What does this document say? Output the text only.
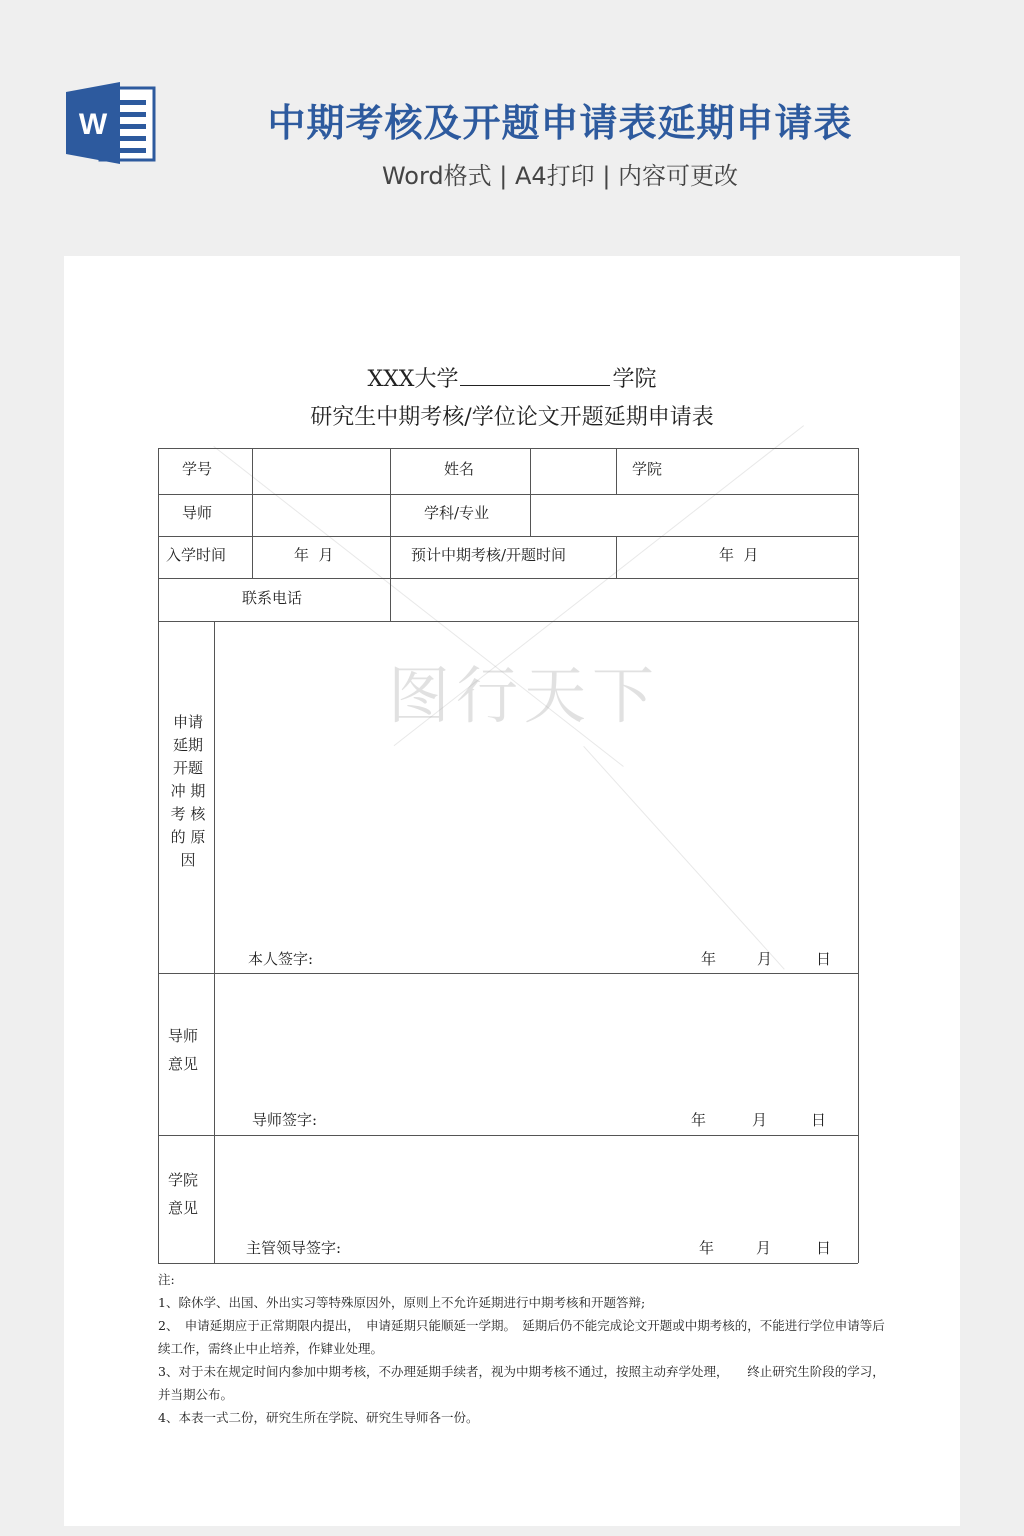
W	中期考核及开题申请表延期申请表
Word格式 | A4打印 | 内容可更改
图行天下
XXX大学	学院
研究生中期考核/学位论文开题延期申请表
学号	姓名	学院
导师	学科/专业
入学时间	年  月	预计中期考核/开题时间	年  月
联系电话
申请
延期
开题
冲 期
考 核
的 原
因
本人签字:	年	月	日
导师
意见
导师签字:	年	月	日
学院
意见
主管领导签字:	年	月	日

注:

1、除休学、出国、外出实习等特殊原因外，原则上不允许延期进行中期考核和开题答辩;

2、　申请延期应于正常期限内提出，　申请延期只能顺延一学期。　延期后仍不能完成论文开题或中期考核的，不能进行学位申请等后续工作，需终止中止培养，作肄业处理。

3、对于未在规定时间内参加中期考核，不办理延期手续者，视为中期考核不通过，按照主动弃学处理，　　终止研究生阶段的学习，并当期公布。

4、本表一式二份，研究生所在学院、研究生导师各一份。
